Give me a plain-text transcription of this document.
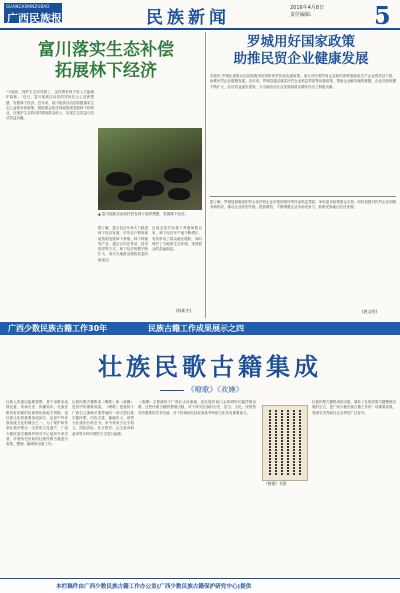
GUANGXIMINZUBAO
广西民族报	民族新闻	2016年4月8日
责任编辑:	5
富川落实生态补偿
拓展林下经济
"不能砍，保护生态有奖励了，这样既有林下收入又能保护森林。"近日，富川瑶族自治县的村民在山上放养黑猪，发展林下经济。近年来，富川瑶族自治县积极落实生态公益林补偿政策，鼓励群众依托林地资源发展林下种养业，在保护生态的同时增加群众收入，实现生态效益与经济效益双赢。
▲ 富川瑶族自治县村民在林下放养黑猪，发展林下经济。
据了解，富川县近年来大力推进林下经济发展，引导农户利用林地资源发展林下养殖、林下种植等产业，通过合作社带动、技术指导等方式，林下经济规模不断扩大，成为当地群众增收致富的新途径。
目前全县共有林下养殖场数百家，林下经济年产值不断增长，有效带动了群众就业增收，同时保护了当地的生态环境，受到群众的普遍欢迎。
(陈新杰)
罗城用好国家政策
助推民贸企业健康发展
本报讯 罗城仫佬族自治县积极用好国家民贸民品优惠政策，加大对民族贸易企业和民族特需商品生产企业的扶持力度，助推民贸企业健康发展。近年来，罗城县通过落实民贸企业贴息贷款等优惠政策，帮助企业解决融资难题，企业经营规模不断扩大，经济效益逐步提高，为当地经济社会发展和群众增收作出了积极贡献。
据了解，罗城县积极组织符合条件的企业申报国家民贸民品贴息贷款，争取更多政策资金支持。同时加强对民贸企业的服务和指导，推动企业转型升级、提质增效，不断增强企业市场竞争力，助推民族地区经济发展。
(唐文明)
广西少数民族古籍工作30年	民族古籍工作成果展示之四
壮族民歌古籍集成
《嘹歌》《欢㛦》
壮族人民素以能歌善唱，善于用歌来表情达意，传承历史、传播知识。壮族民歌具有浓郁的民族特色和地方风格，是壮族文化的重要组成部分，也是中华民族传统文化的瑰宝之一。为了保护和传承壮族民歌这一宝贵的文化遗产，广西少数民族古籍保护研究中心组织专家学者，对流传在民间的壮族民歌古籍进行收集、整理、翻译和出版工作。
壮族民歌古籍集成《嘹歌》和《欢㛦》是其中的重要成果。《嘹歌》是流传于广西右江流域平果等地的一部大型壮族长篇民歌，内容丰富，篇幅宏大，被誉为壮族的百科全书。该书采用古壮字原文、国际音标、壮文拼音、汉文直译和意译等多种对照的方式进行编排。
《欢㛦》主要流传于广西红水河流域，是壮族民间口头传唱的长篇抒情诗歌。这些民歌古籍的整理出版，对于研究壮族的历史、语言、文化、民俗等具有重要的学术价值，对于传承和弘扬壮族优秀传统文化具有重要意义。
《嘹歌》书影
壮族民歌古籍集成的出版，填补了壮族民歌古籍整理出版的空白，是广西少数民族古籍工作的一项重要成果，受到学术界和社会各界的广泛好评。
本栏稿件由广西少数民族古籍工作办公室(广西少数民族古籍保护研究中心)提供
